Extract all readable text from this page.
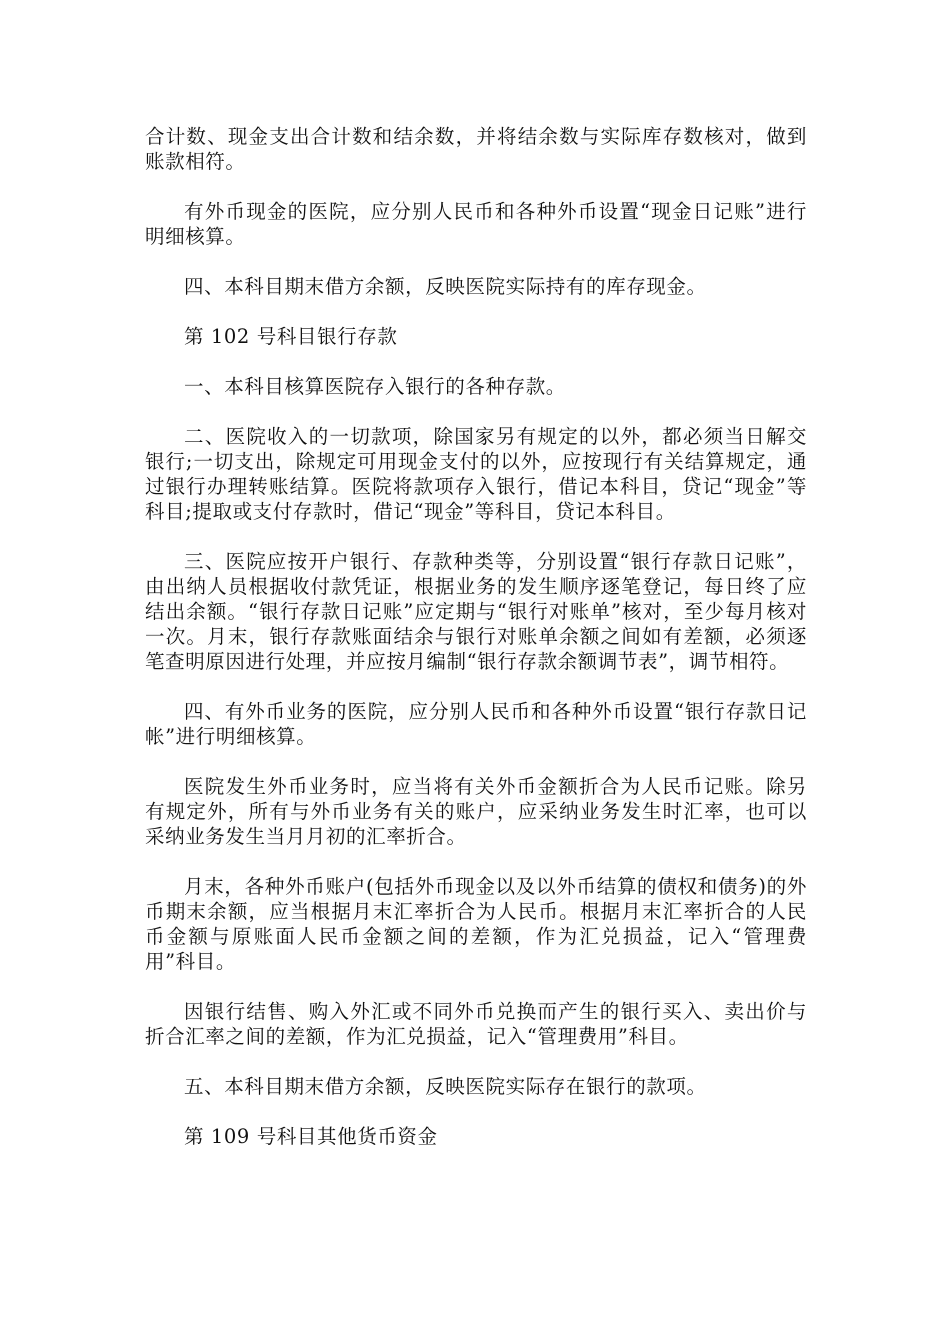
合计数、现金支出合计数和结余数，并将结余数与实际库存数核对，做到账款相符。

有外币现金的医院，应分别人民币和各种外币设置“现金日记账”进行明细核算。

四、本科目期末借方余额，反映医院实际持有的库存现金。

第 102 号科目银行存款

一、本科目核算医院存入银行的各种存款。

二、医院收入的一切款项，除国家另有规定的以外，都必须当日解交银行;一切支出，除规定可用现金支付的以外，应按现行有关结算规定，通过银行办理转账结算。医院将款项存入银行，借记本科目，贷记“现金”等科目;提取或支付存款时，借记“现金”等科目，贷记本科目。

三、医院应按开户银行、存款种类等，分别设置“银行存款日记账”，由出纳人员根据收付款凭证，根据业务的发生顺序逐笔登记，每日终了应结出余额。“银行存款日记账”应定期与“银行对账单”核对，至少每月核对一次。月末，银行存款账面结余与银行对账单余额之间如有差额，必须逐笔查明原因进行处理，并应按月编制“银行存款余额调节表”，调节相符。

四、有外币业务的医院，应分别人民币和各种外币设置“银行存款日记帐”进行明细核算。

医院发生外币业务时，应当将有关外币金额折合为人民币记账。除另有规定外，所有与外币业务有关的账户，应采纳业务发生时汇率，也可以采纳业务发生当月月初的汇率折合。

月末，各种外币账户(包括外币现金以及以外币结算的债权和债务)的外币期末余额，应当根据月末汇率折合为人民币。根据月末汇率折合的人民币金额与原账面人民币金额之间的差额，作为汇兑损益，记入“管理费用”科目。

因银行结售、购入外汇或不同外币兑换而产生的银行买入、卖出价与折合汇率之间的差额，作为汇兑损益，记入“管理费用”科目。

五、本科目期末借方余额，反映医院实际存在银行的款项。

第 109 号科目其他货币资金
